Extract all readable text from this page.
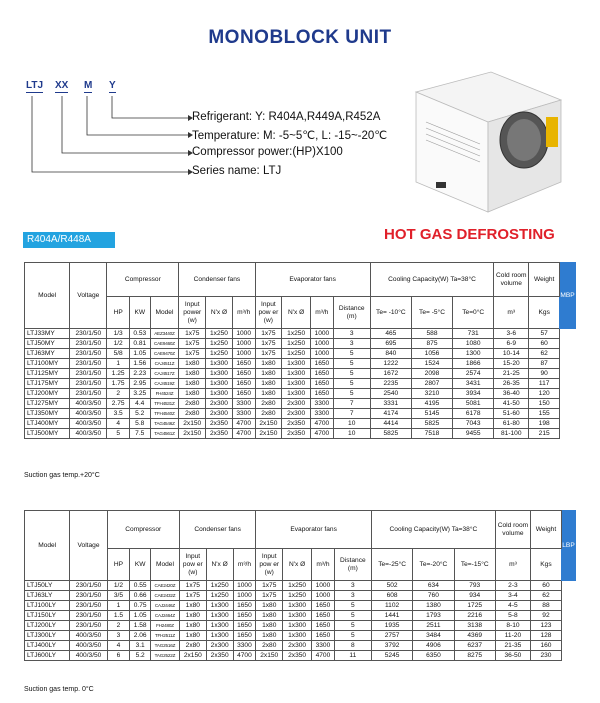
MONOBLOCK UNIT
LTJ XX M Y
Refrigerant: Y: R404A,R449A,R452A
Temperature: M: -5~5℃, L: -15~-20℃
Compressor power:(HP)X100
Series name: LTJ
R404A/R448A	HOT GAS DEFROSTING
Model	Voltage	Compressor			Condenser fans			Evaporator fans				Cooling Capacity(W) Ta=38°C			Cold room volume	Weight	MBP
		HP	KW	Model	Input power (w)	N'x Ø	m³/h	Input pow er (w)	N'x Ø	m³/h	Distance (m)	Te= -10°C	Te= -5°C	Te=0°C	m³	Kgs	
LTJ33MY	230/1/50	1/3	0.53	AEZ3440Z	1x75	1x250	1000	1x75	1x250	1000	3	465	588	731	3-6	57	
LTJ50MY	230/1/50	1/2	0.81	CAE9460Z	1x75	1x250	1000	1x75	1x250	1000	3	695	875	1080	6-9	60	
LTJ63MY	230/1/50	5/8	1.05	CAE9470Z	1x75	1x250	1000	1x75	1x250	1000	5	840	1056	1300	10-14	62	
LTJ100MY	230/1/50	1	1.56	CAJ4511Z	1x80	1x300	1650	1x80	1x300	1650	5	1222	1524	1866	15-20	87	
LTJ125MY	230/1/50	1.25	2.23	CAJ4517Z	1x80	1x300	1650	1x80	1x300	1650	5	1672	2098	2574	21-25	90	
LTJ175MY	230/1/50	1.75	2.95	CAJ4519Z	1x80	1x300	1650	1x80	1x300	1650	5	2235	2807	3431	26-35	117	
LTJ200MY	230/1/50	2	3.25	FH4524Z	1x80	1x300	1650	1x80	1x300	1650	5	2540	3210	3934	36-40	120	
LTJ275MY	400/3/50	2.75	4.4	TFH4531Z	2x80	2x300	3300	2x80	2x300	3300	7	3331	4195	5081	41-50	150	
LTJ350MY	400/3/50	3.5	5.2	TFH4540Z	2x80	2x300	3300	2x80	2x300	3300	7	4174	5145	6178	51-60	155	
LTJ400MY	400/3/50	4	5.8	TAG4546Z	2x150	2x350	4700	2x150	2x350	4700	10	4414	5825	7043	61-80	198	
LTJ500MY	400/3/50	5	7.5	TAG4561Z	2x150	2x350	4700	2x150	2x350	4700	10	5825	7518	9455	81-100	215	
Suction gas temp.+20°C
Model	Voltage	Compressor			Condenser fans			Evaporator fans				Cooling Capacity(W) Ta=38°C			Cold room volume	Weight	LBP
		HP	KW	Model	Input pow er (w)	N'x Ø	m³/h	Input pow er (w)	N'x Ø	m³/h	Distance (m)	Te=-25°C	Te=-20°C	Te=-15°C	m³	Kgs	
LTJ50LY	230/1/50	1/2	0.55	CAE2420Z	1x75	1x250	1000	1x75	1x250	1000	3	502	634	793	2-3	60	
LTJ63LY	230/1/50	3/5	0.66	CAE2432Z	1x75	1x250	1000	1x75	1x250	1000	3	608	760	934	3-4	62	
LTJ100LY	230/1/50	1	0.75	CAJ2446Z	1x80	1x300	1650	1x80	1x300	1650	5	1102	1380	1725	4-5	88	
LTJ150LY	230/1/50	1.5	1.05	CAJ2464Z	1x80	1x300	1650	1x80	1x300	1650	5	1441	1793	2216	5-8	92	
LTJ200LY	230/1/50	2	1.58	FH2480Z	1x80	1x300	1650	1x80	1x300	1650	5	1935	2511	3138	8-10	123	
LTJ300LY	400/3/50	3	2.06	TFH2511Z	1x80	1x300	1650	1x80	1x300	1650	5	2757	3484	4369	11-20	128	
LTJ400LY	400/3/50	4	3.1	TAG2516Z	2x80	2x300	3300	2x80	2x300	3300	8	3792	4906	6237	21-35	160	
LTJ600LY	400/3/50	6	5.2	TAG2522Z	2x150	2x350	4700	2x150	2x350	4700	11	5245	6350	8275	36-50	230	
Suction gas temp. 0°C
